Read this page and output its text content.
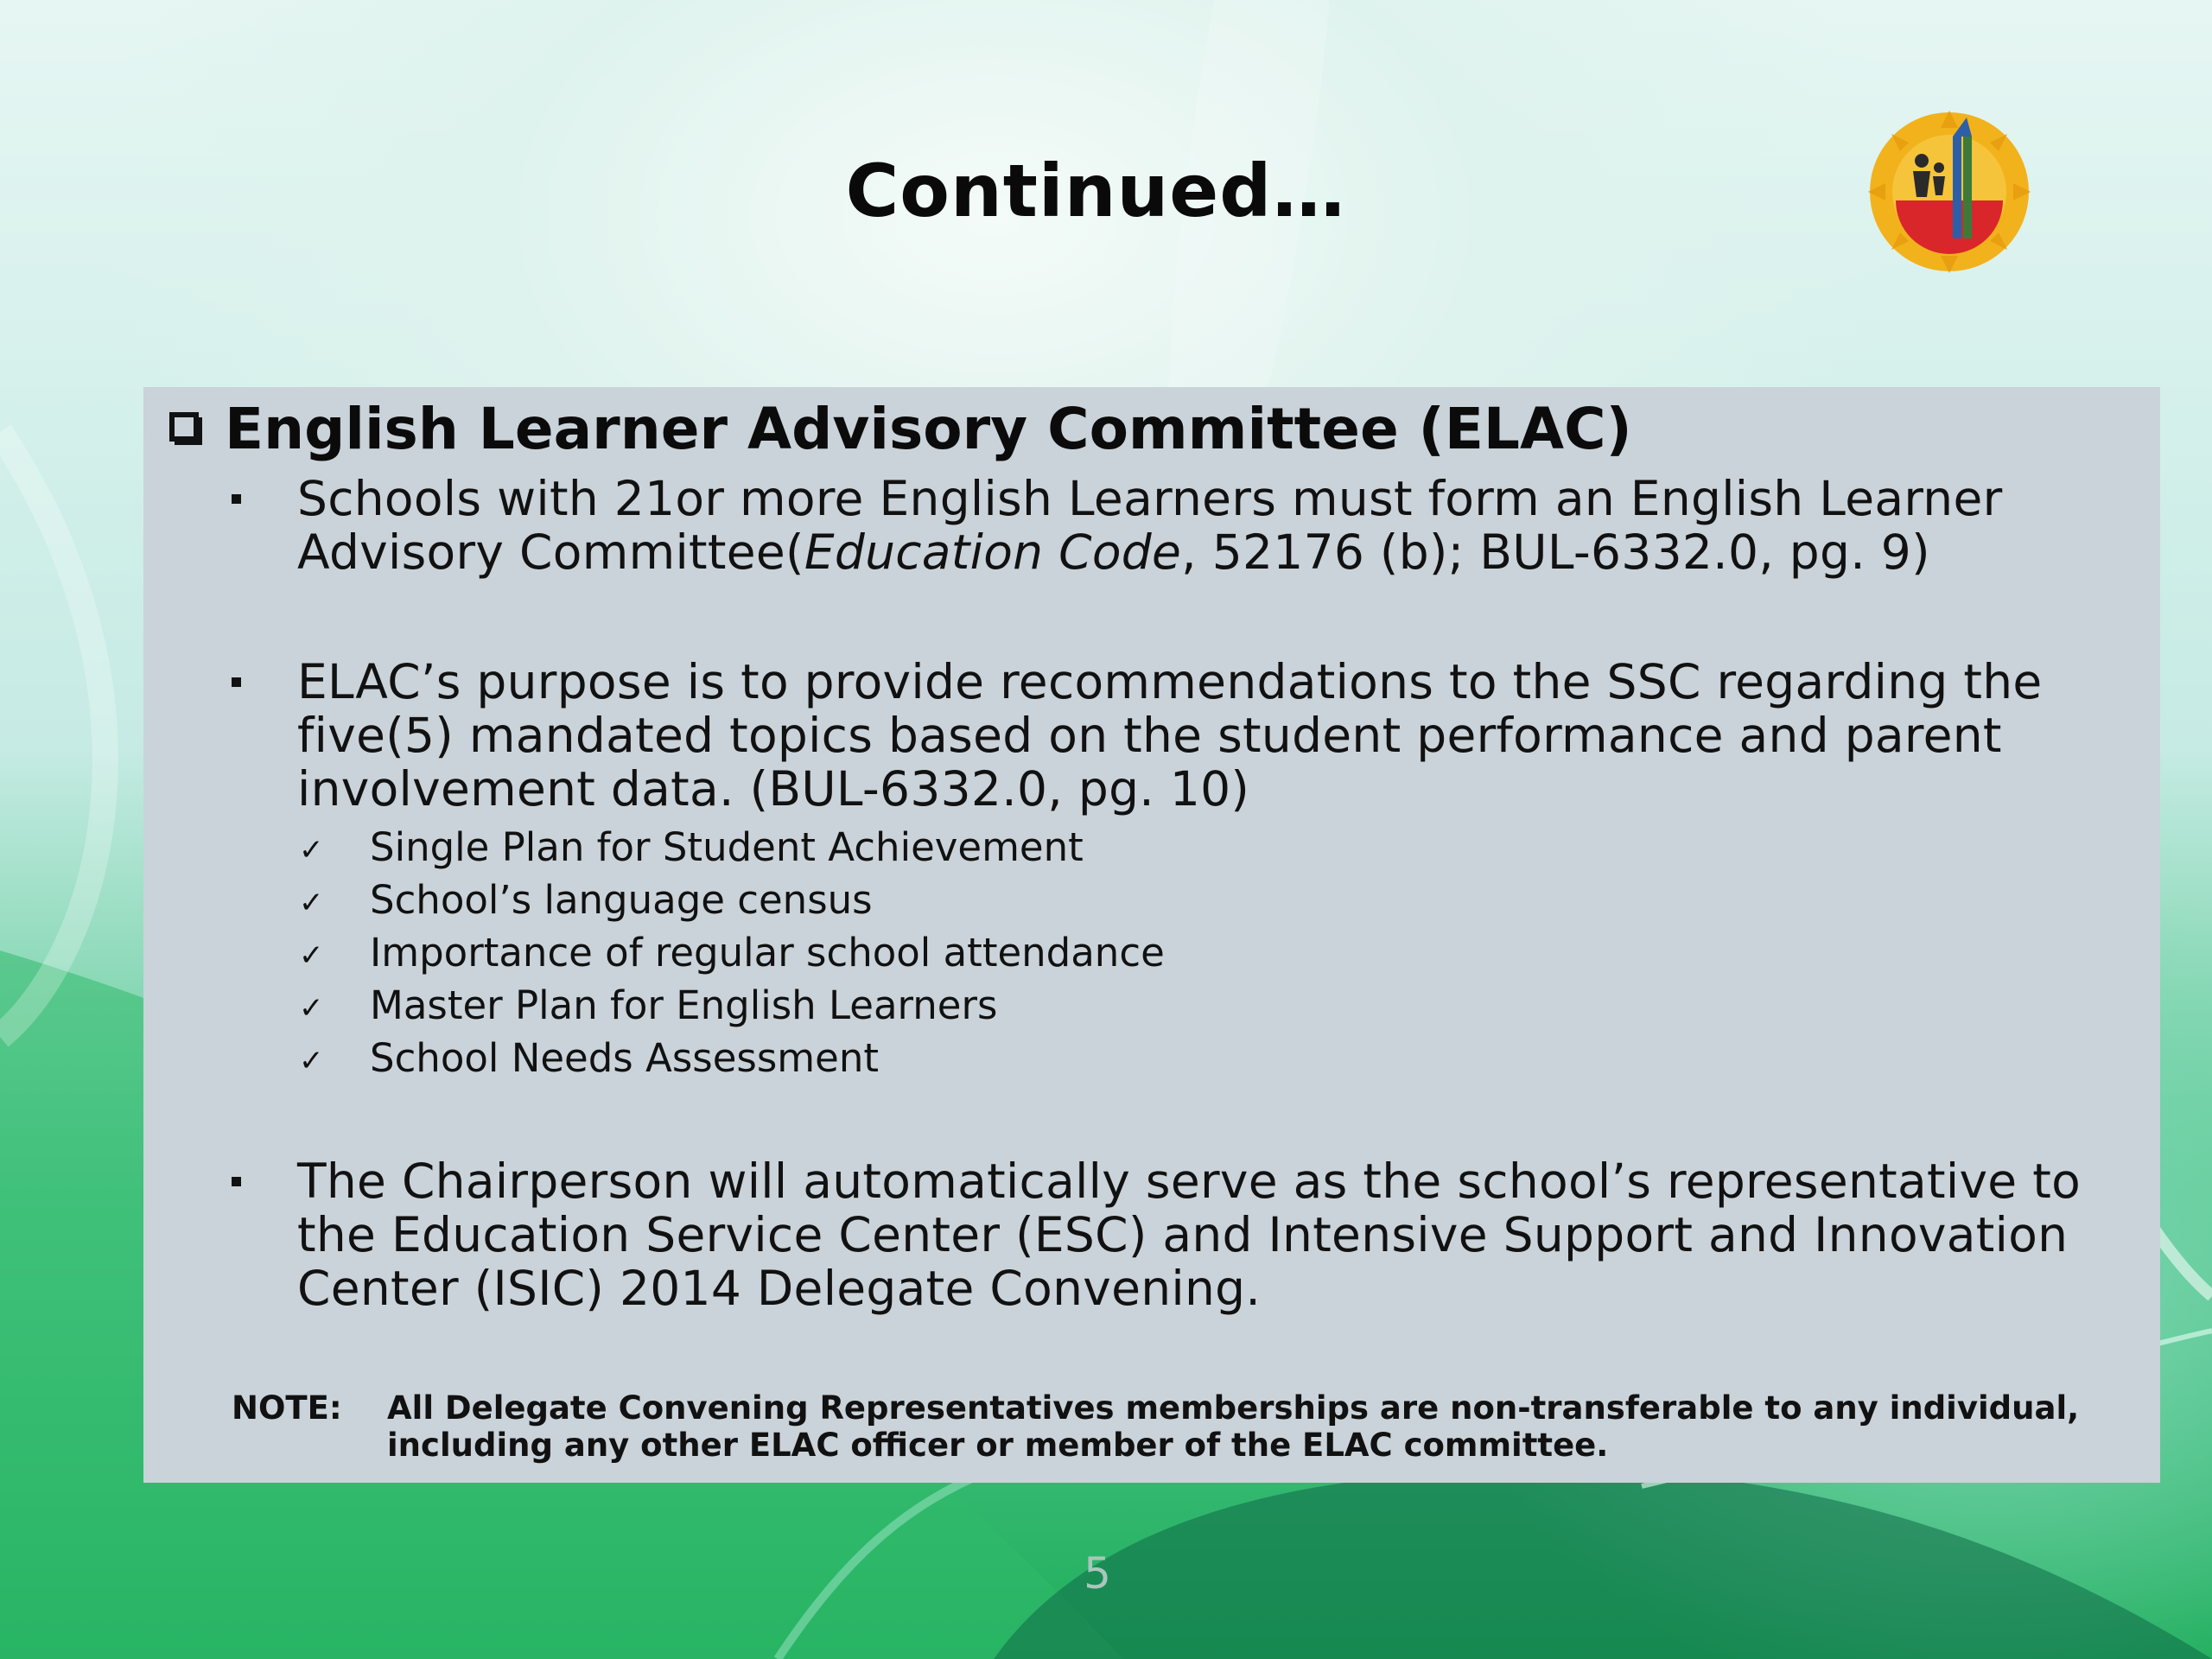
Continued…
English Learner Advisory Committee (ELAC)
Schools with 21or more English Learners must form an English Learner Advisory Committee(Education Code, 52176 (b); BUL-6332.0, pg. 9)
ELAC’s purpose is to provide recommendations to the SSC regarding the five(5) mandated topics based on the student performance and parent involvement data. (BUL-6332.0, pg. 10)
✓ Single Plan for Student Achievement
✓ School’s language census
✓ Importance of regular school attendance
✓ Master Plan for English Learners
✓ School Needs Assessment
The Chairperson will automatically serve as the school’s representative to the Education Service Center (ESC) and Intensive Support and Innovation Center (ISIC) 2014 Delegate Convening.
NOTE: All Delegate Convening Representatives memberships are non-transferable to any individual, including any other ELAC officer or member of the ELAC committee.
5
